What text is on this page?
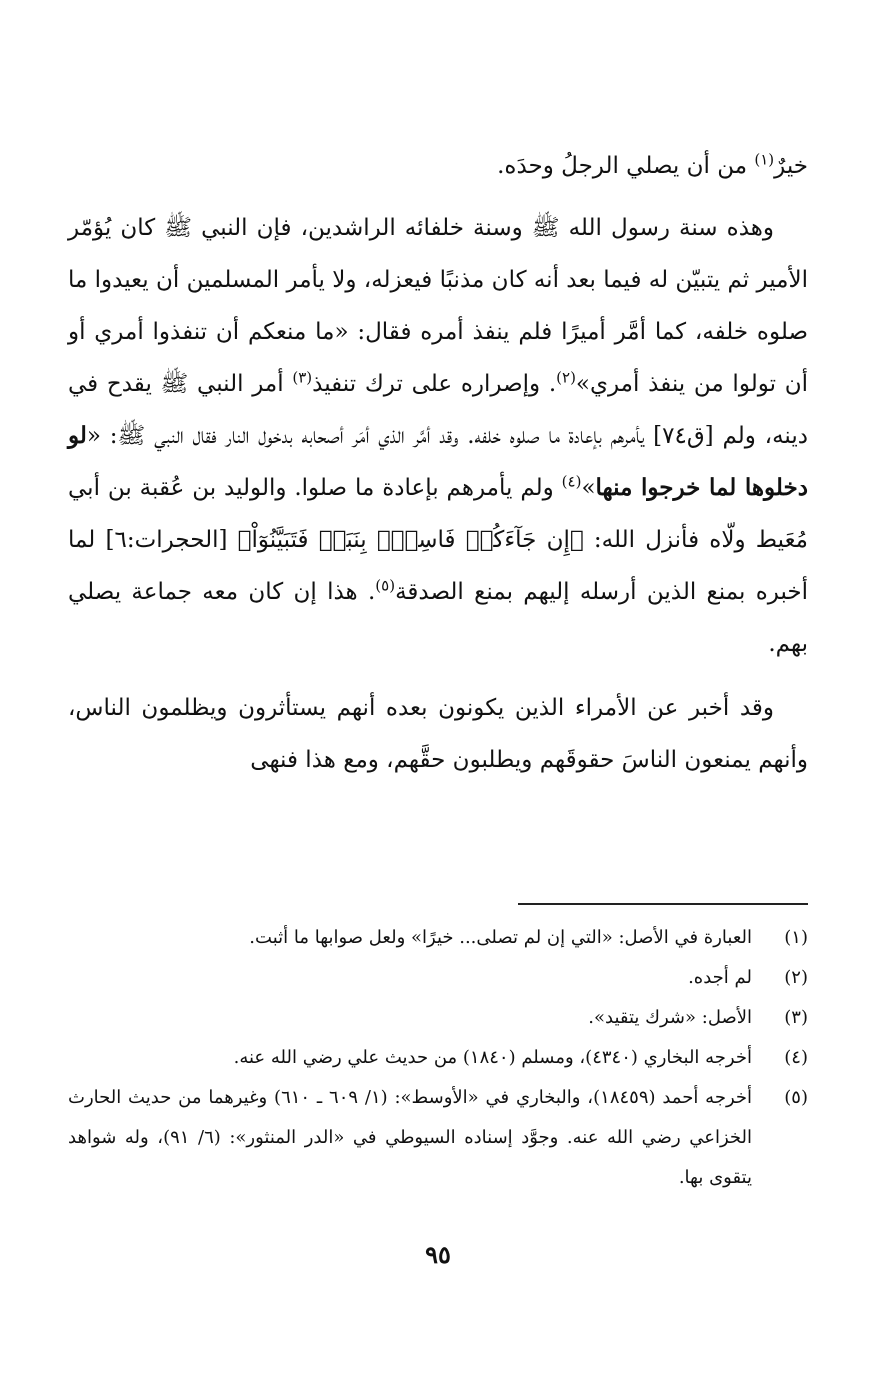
خيرٌ$^{(١)}$ من أن يصلي الرجلُ وحدَه.

وهذه سنة رسول الله ﷺ وسنة خلفائه الراشدين، فإن النبي ﷺ كان يُؤمّر الأمير ثم يتبيّن له فيما بعد أنه كان مذنبًا فيعزله، ولا يأمر المسلمين أن يعيدوا ما صلوه خلفه، كما أمَّر أميرًا فلم ينفذ أمره فقال: «ما منعكم أن تنفذوا أمري أو أن تولوا من ينفذ أمري»$^{(٢)}$. وإصراره على ترك تنفيذ$^{(٣)}$ أمر النبي ﷺ يقدح في دينه، ولم [ق٧٤] يأمرهم بإعادة ما صلوه خلفه. وقد أمَّر الذي أمَر أصحابه بدخول النار فقال النبي ﷺ: «لو دخلوها لما خرجوا منها»$^{(٤)}$ ولم يأمرهم بإعادة ما صلوا. والوليد بن عُقبة بن أبي مُعَيط ولّاه فأنزل الله: ﴿إِن جَآءَكُمۡ فَاسِقُۢ بِنَبَإٖ فَتَبَيَّنُوٓاْ﴾ [الحجرات:٦] لما أخبره بمنع الذين أرسله إليهم بمنع الصدقة$^{(٥)}$. هذا إن كان معه جماعة يصلي بهم.

وقد أخبر عن الأمراء الذين يكونون بعده أنهم يستأثرون ويظلمون الناس، وأنهم يمنعون الناسَ حقوقَهم ويطلبون حقَّهم، ومع هذا فنهى

(١)
العبارة في الأصل: «التي إن لم تصلى... خيرًا» ولعل صوابها ما أثبت.
(٢)
لم أجده.
(٣)
الأصل: «شرك يتقيد».
(٤)
أخرجه البخاري (٤٣٤٠)، ومسلم (١٨٤٠) من حديث علي رضي الله عنه.
(٥)
أخرجه أحمد (١٨٤٥٩)، والبخاري في «الأوسط»: (١/ ٦٠٩ ـ ٦١٠) وغيرهما من حديث الحارث الخزاعي رضي الله عنه. وجوَّد إسناده السيوطي في «الدر المنثور»: (٦/ ٩١)، وله شواهد يتقوى بها.
٩٥
